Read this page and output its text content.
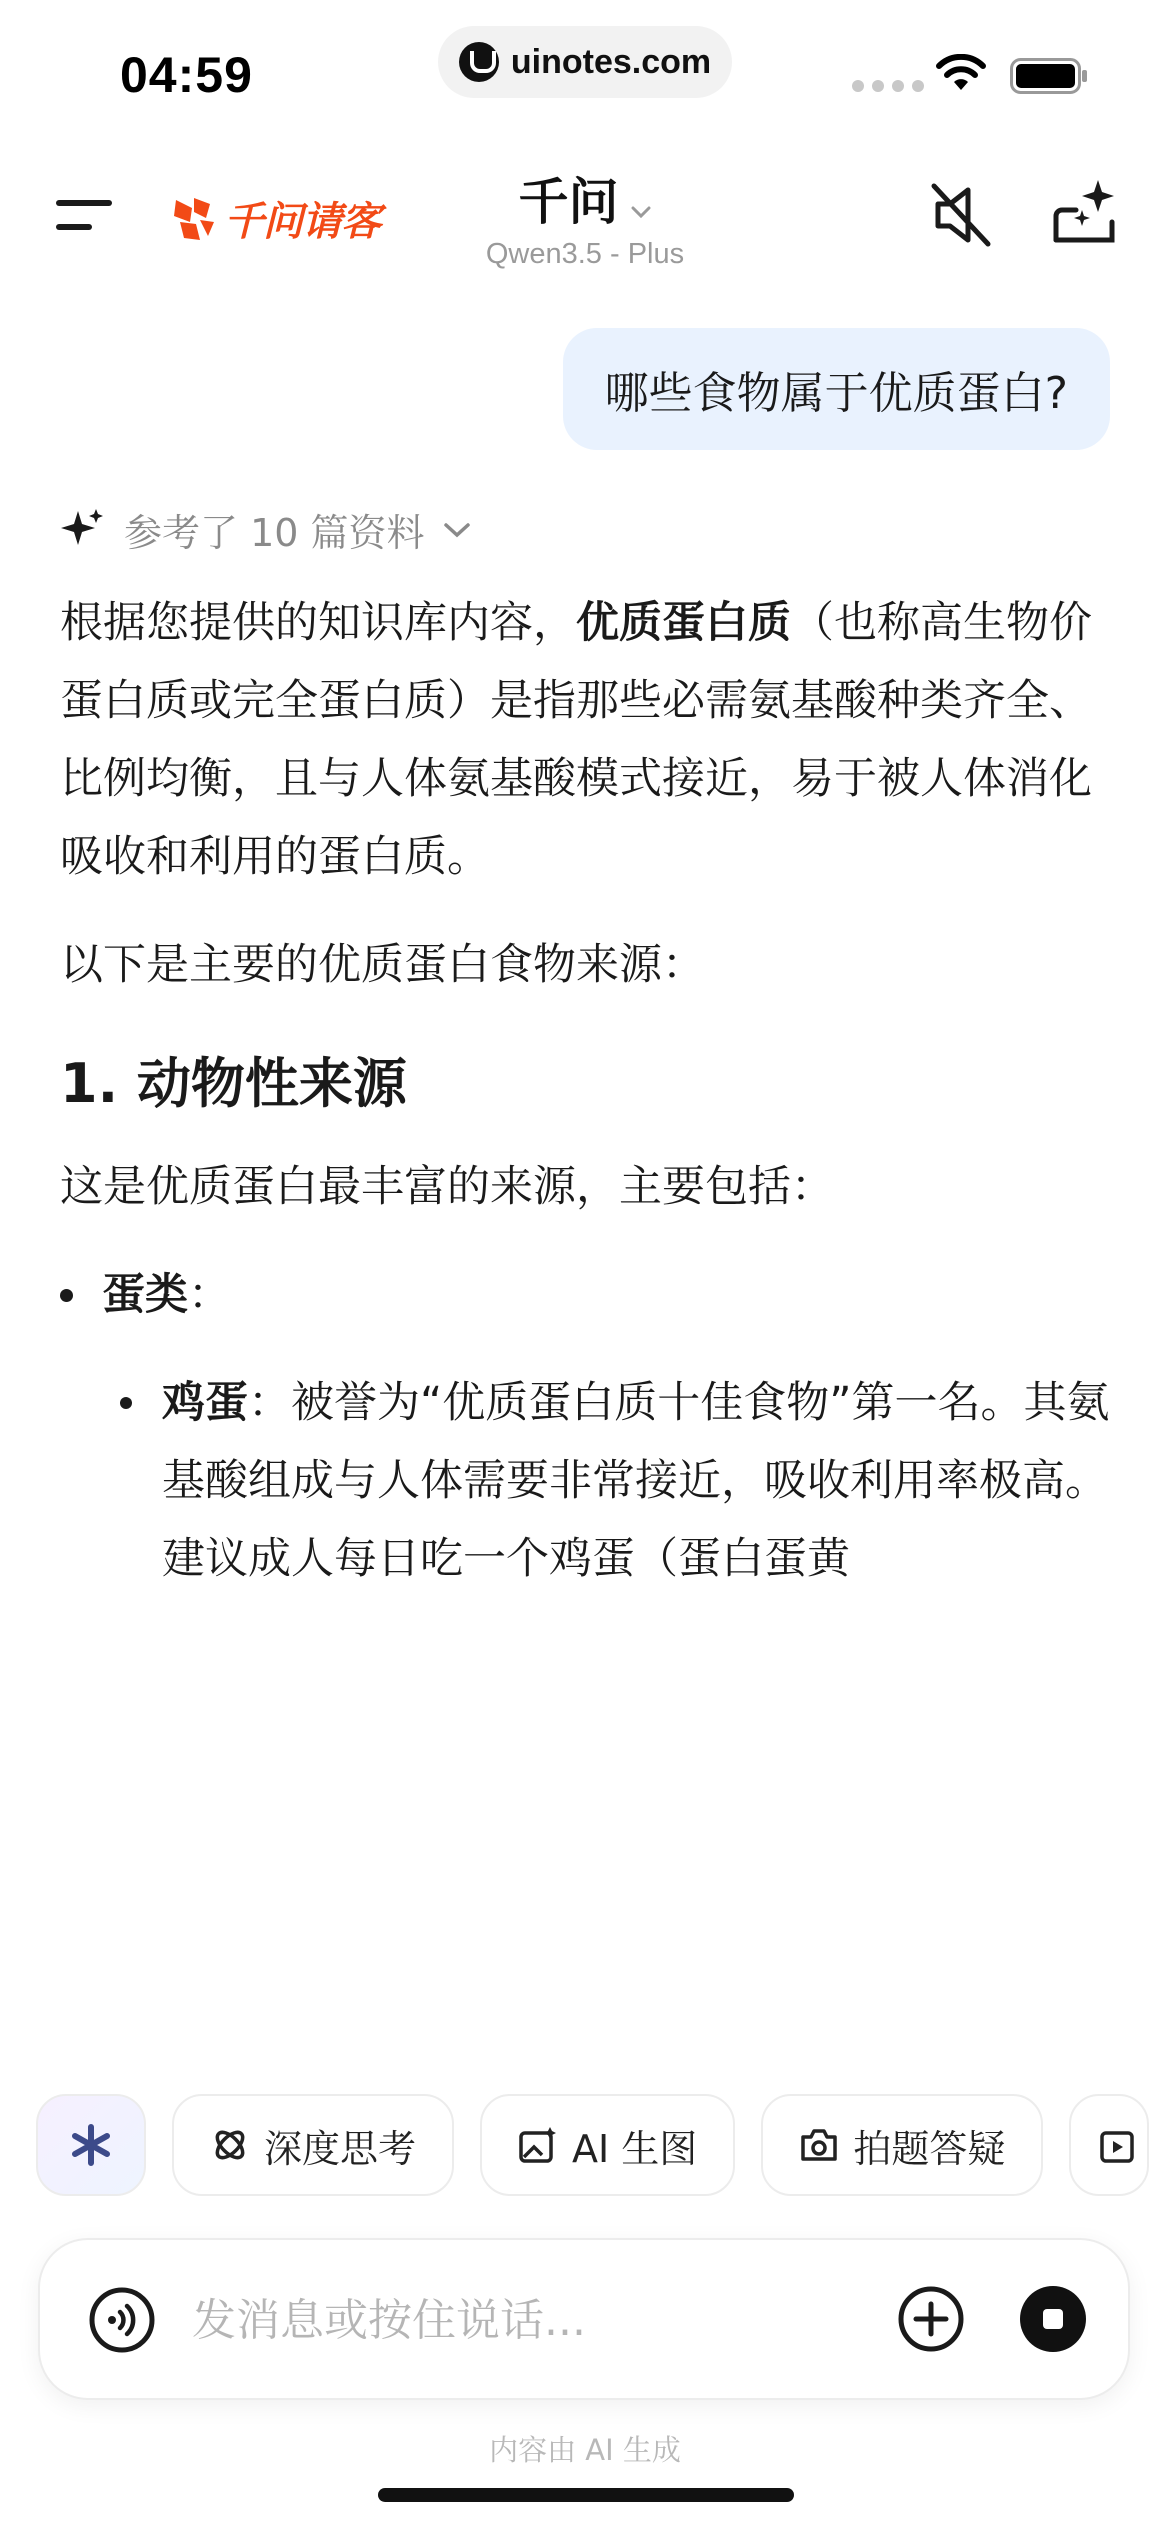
04:59	uinotes.com
千问请客	千问
Qwen3.5 - Plus
哪些食物属于优质蛋白?
参考了 10 篇资料

根据您提供的知识库内容，优质蛋白质（也称高生物价蛋白质或完全蛋白质）是指那些必需氨基酸种类齐全、比例均衡，且与人体氨基酸模式接近，易于被人体消化吸收和利用的蛋白质。

以下是主要的优质蛋白食物来源：

1. 动物性来源

这是优质蛋白最丰富的来源，主要包括：

蛋类：
鸡蛋：被誉为“优质蛋白质十佳食物”第一名。其氨基酸组成与人体需要非常接近，吸收利用率极高。建议成人每日吃一个鸡蛋（蛋白蛋黄
深度思考	AI 生图	拍题答疑
发消息或按住说话...
内容由 AI 生成
